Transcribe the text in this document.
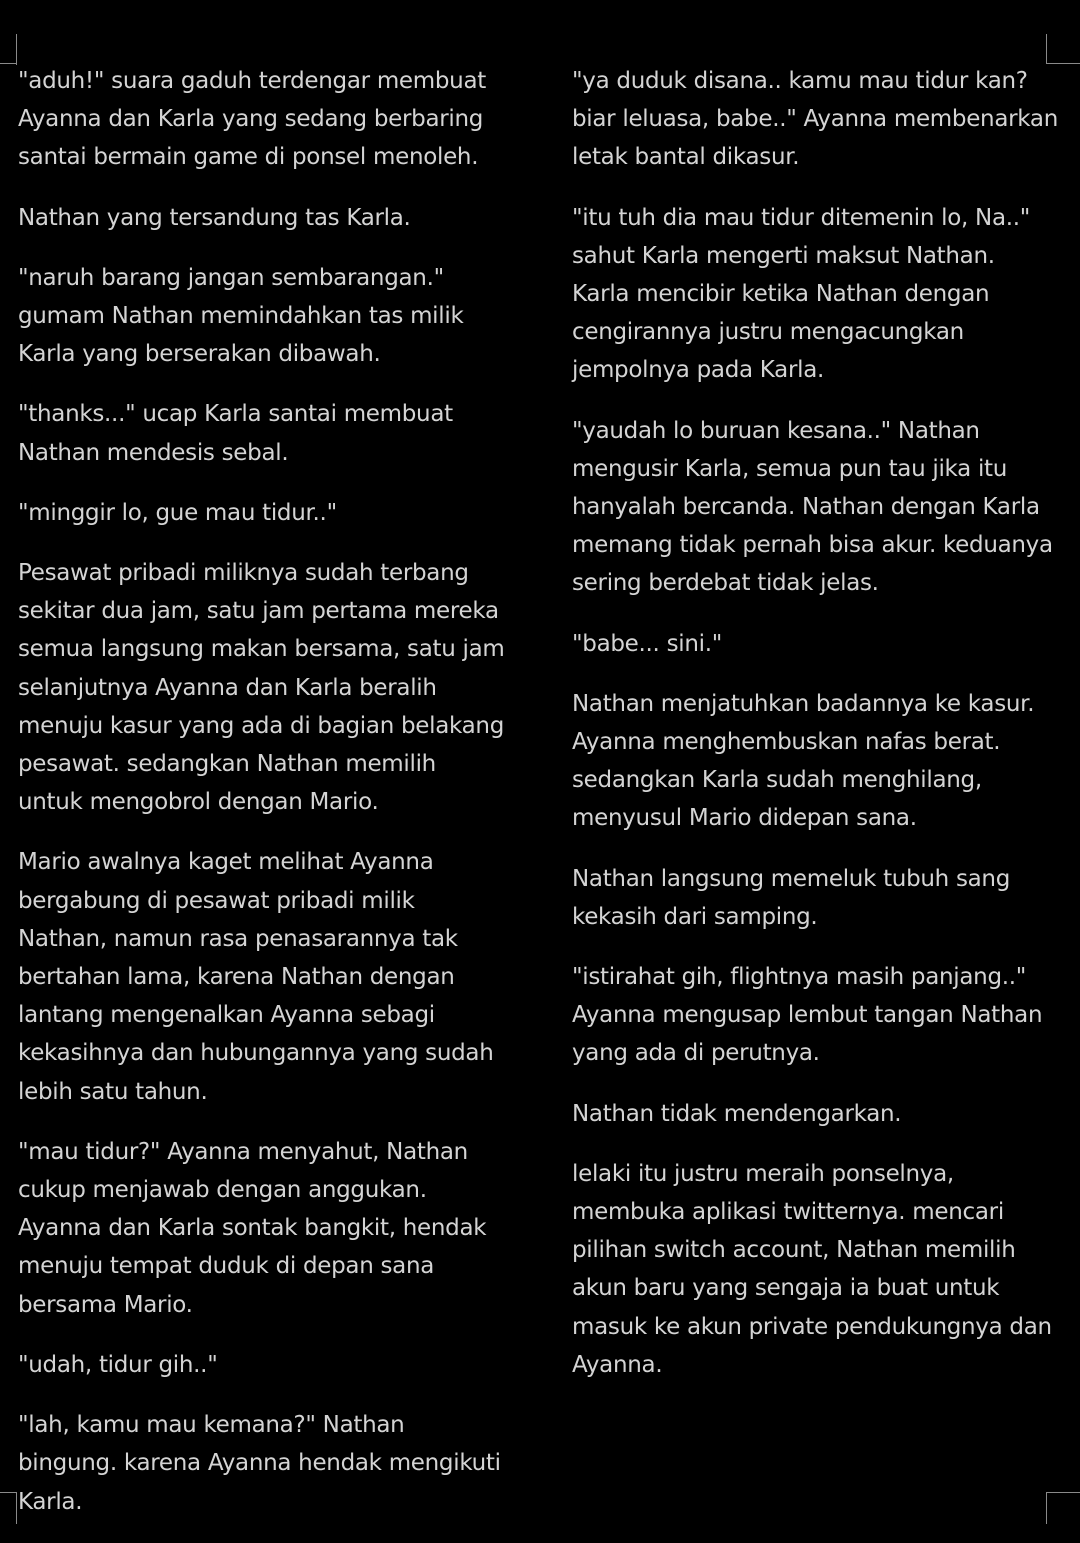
"aduh!" suara gaduh terdengar membuat Ayanna dan Karla yang sedang berbaring santai bermain game di ponsel menoleh.

Nathan yang tersandung tas Karla.

"naruh barang jangan sembarangan." gumam Nathan memindahkan tas milik Karla yang berserakan dibawah.

"thanks..." ucap Karla santai membuat Nathan mendesis sebal.

"minggir lo, gue mau tidur.."

Pesawat pribadi miliknya sudah terbang sekitar dua jam, satu jam pertama mereka semua langsung makan bersama, satu jam selanjutnya Ayanna dan Karla beralih menuju kasur yang ada di bagian belakang pesawat. sedangkan Nathan memilih untuk mengobrol dengan Mario.

Mario awalnya kaget melihat Ayanna bergabung di pesawat pribadi milik Nathan, namun rasa penasarannya tak bertahan lama, karena Nathan dengan lantang mengenalkan Ayanna sebagi kekasihnya dan hubungannya yang sudah lebih satu tahun.

"mau tidur?" Ayanna menyahut, Nathan cukup menjawab dengan anggukan. Ayanna dan Karla sontak bangkit, hendak menuju tempat duduk di depan sana bersama Mario.

"udah, tidur gih.."

"lah, kamu mau kemana?" Nathan bingung. karena Ayanna hendak mengikuti Karla.

"ya duduk disana.. kamu mau tidur kan? biar leluasa, babe.." Ayanna membenarkan letak bantal dikasur.

"itu tuh dia mau tidur ditemenin lo, Na.." sahut Karla mengerti maksut Nathan. Karla mencibir ketika Nathan dengan cengirannya justru mengacungkan jempolnya pada Karla.

"yaudah lo buruan kesana.." Nathan mengusir Karla, semua pun tau jika itu hanyalah bercanda. Nathan dengan Karla memang tidak pernah bisa akur. keduanya sering berdebat tidak jelas.

"babe... sini."

Nathan menjatuhkan badannya ke kasur. Ayanna menghembuskan nafas berat. sedangkan Karla sudah menghilang, menyusul Mario didepan sana.

Nathan langsung memeluk tubuh sang kekasih dari samping.

"istirahat gih, flightnya masih panjang.." Ayanna mengusap lembut tangan Nathan yang ada di perutnya.

Nathan tidak mendengarkan.

lelaki itu justru meraih ponselnya, membuka aplikasi twitternya. mencari pilihan switch account, Nathan memilih akun baru yang sengaja ia buat untuk masuk ke akun private pendukungnya dan Ayanna.
